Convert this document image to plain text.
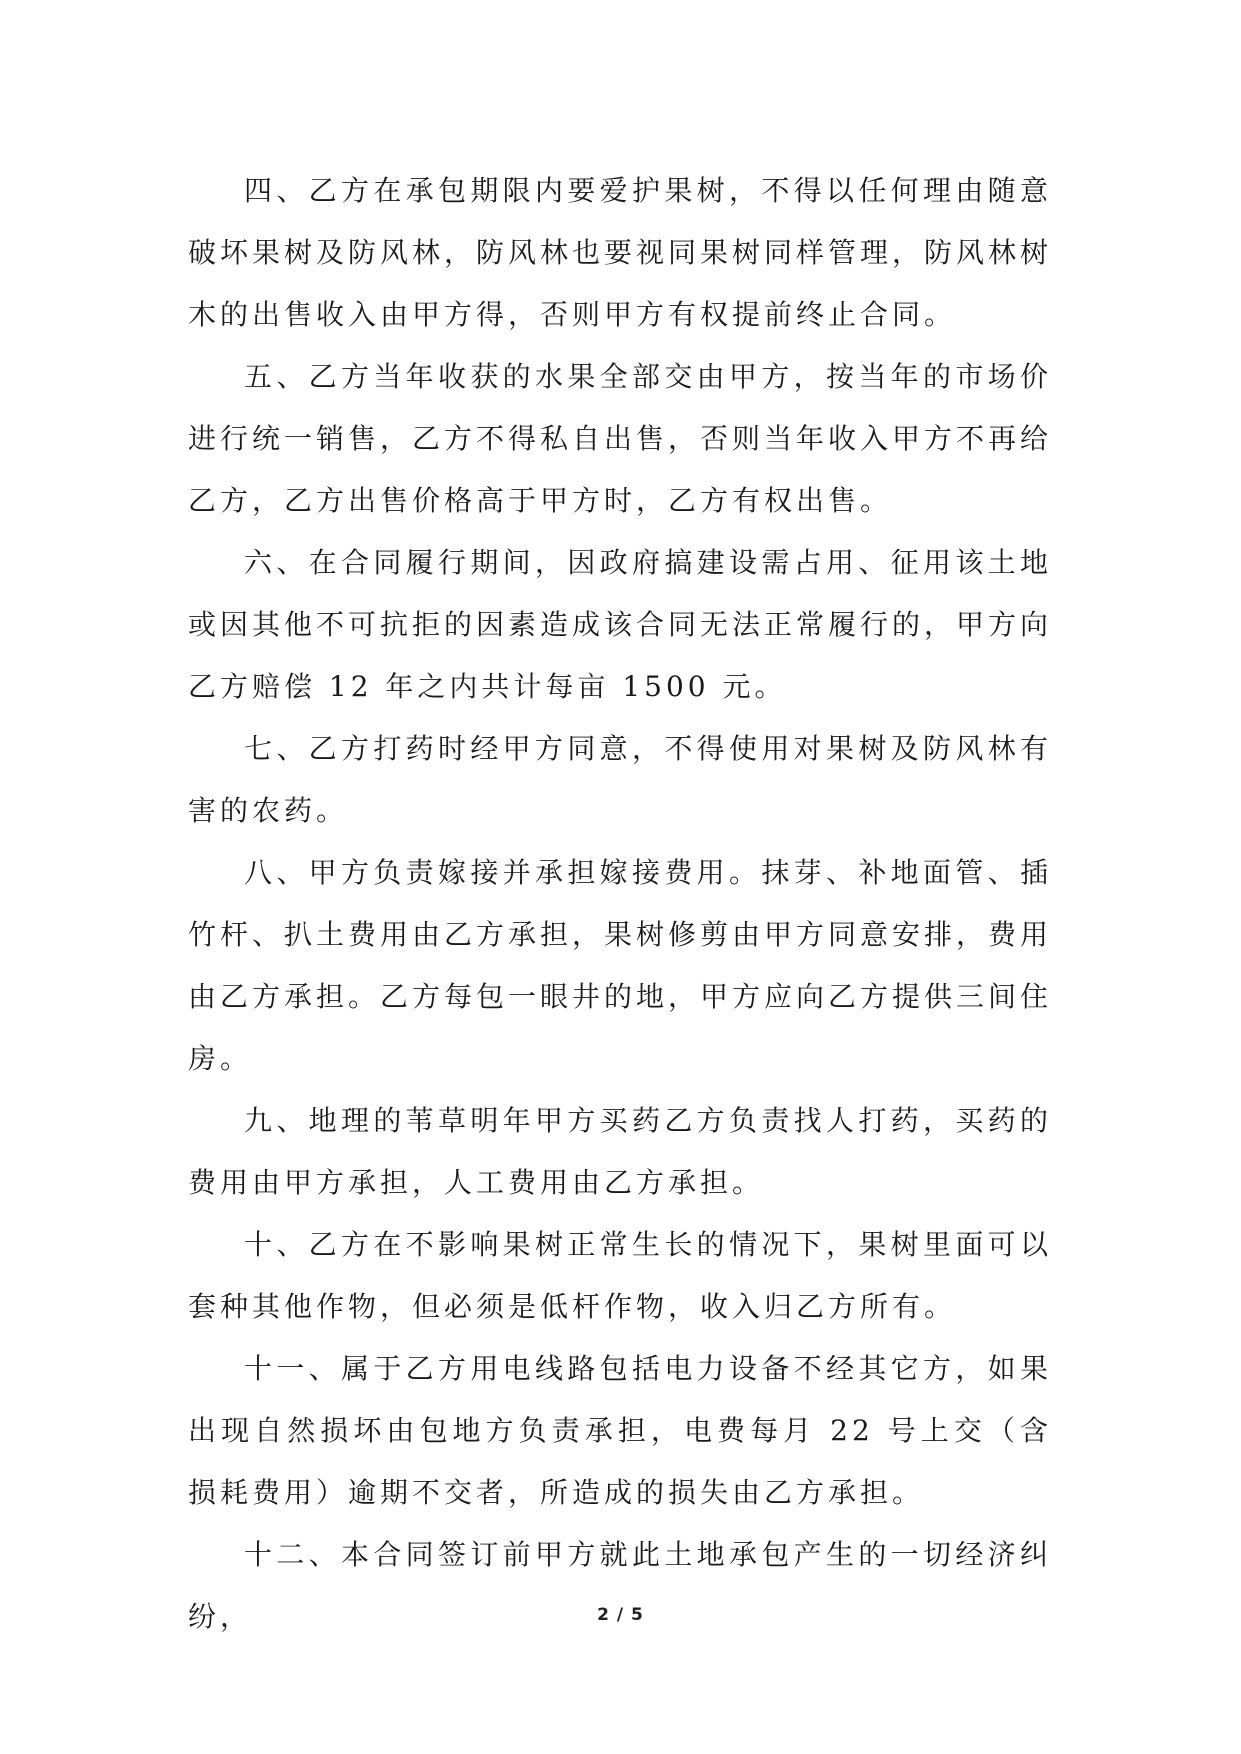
四、乙方在承包期限内要爱护果树，不得以任何理由随意破坏果树及防风林，防风林也要视同果树同样管理，防风林树木的出售收入由甲方得，否则甲方有权提前终止合同。

五、乙方当年收获的水果全部交由甲方，按当年的市场价进行统一销售，乙方不得私自出售，否则当年收入甲方不再给乙方，乙方出售价格高于甲方时，乙方有权出售。

六、在合同履行期间，因政府搞建设需占用、征用该土地或因其他不可抗拒的因素造成该合同无法正常履行的，甲方向乙方赔偿 12 年之内共计每亩 1500 元。

七、乙方打药时经甲方同意，不得使用对果树及防风林有害的农药。

八、甲方负责嫁接并承担嫁接费用。抹芽、补地面管、插竹杆、扒土费用由乙方承担，果树修剪由甲方同意安排，费用由乙方承担。乙方每包一眼井的地，甲方应向乙方提供三间住房。

九、地理的苇草明年甲方买药乙方负责找人打药，买药的费用由甲方承担，人工费用由乙方承担。

十、乙方在不影响果树正常生长的情况下，果树里面可以套种其他作物，但必须是低杆作物，收入归乙方所有。

十一、属于乙方用电线路包括电力设备不经其它方，如果出现自然损坏由包地方负责承担，电费每月 22 号上交（含损耗费用）逾期不交者，所造成的损失由乙方承担。

十二、本合同签订前甲方就此土地承包产生的一切经济纠纷，	2 / 5
